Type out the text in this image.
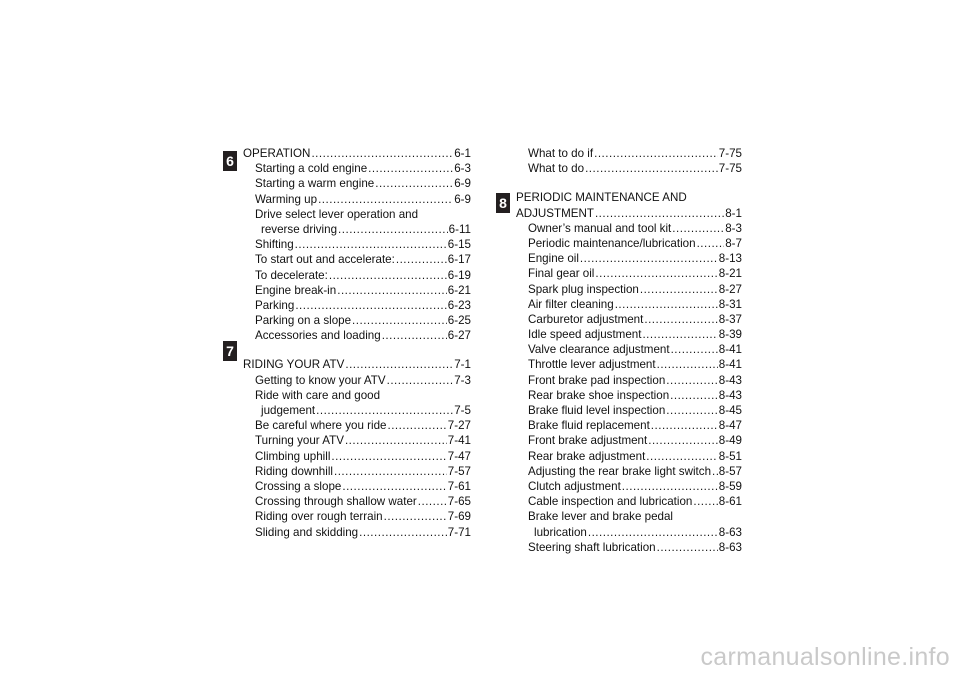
6
7
8
OPERATION .....	6-1
Starting a cold engine .....	6-3
Starting a warm engine .....	6-9
Warming up .....	6-9
Drive select lever operation and
reverse driving .....	6-11
Shifting .....	6-15
To start out and accelerate: .....	6-17
To decelerate: .....	6-19
Engine break-in .....	6-21
Parking .....	6-23
Parking on a slope .....	6-25
Accessories and loading .....	6-27
RIDING YOUR ATV .....	7-1
Getting to know your ATV .....	7-3
Ride with care and good
judgement .....	7-5
Be careful where you ride .....	7-27
Turning your ATV .....	7-41
Climbing uphill .....	7-47
Riding downhill .....	7-57
Crossing a slope .....	7-61
Crossing through shallow water .....	7-65
Riding over rough terrain .....	7-69
Sliding and skidding .....	7-71
What to do if .....	7-75
What to do .....	7-75
PERIODIC MAINTENANCE AND
ADJUSTMENT .....	8-1
Owner’s manual and tool kit .....	8-3
Periodic maintenance/lubrication .....	8-7
Engine oil .....	8-13
Final gear oil .....	8-21
Spark plug inspection .....	8-27
Air filter cleaning .....	8-31
Carburetor adjustment .....	8-37
Idle speed adjustment .....	8-39
Valve clearance adjustment .....	8-41
Throttle lever adjustment .....	8-41
Front brake pad inspection .....	8-43
Rear brake shoe inspection .....	8-43
Brake fluid level inspection .....	8-45
Brake fluid replacement .....	8-47
Front brake adjustment .....	8-49
Rear brake adjustment .....	8-51
Adjusting the rear brake light switch ..... 8-57
Clutch adjustment .....	8-59
Cable inspection and lubrication ..... 8-61
Brake lever and brake pedal
lubrication .....	8-63
Steering shaft lubrication .....	8-63
carmanualsonline.info
